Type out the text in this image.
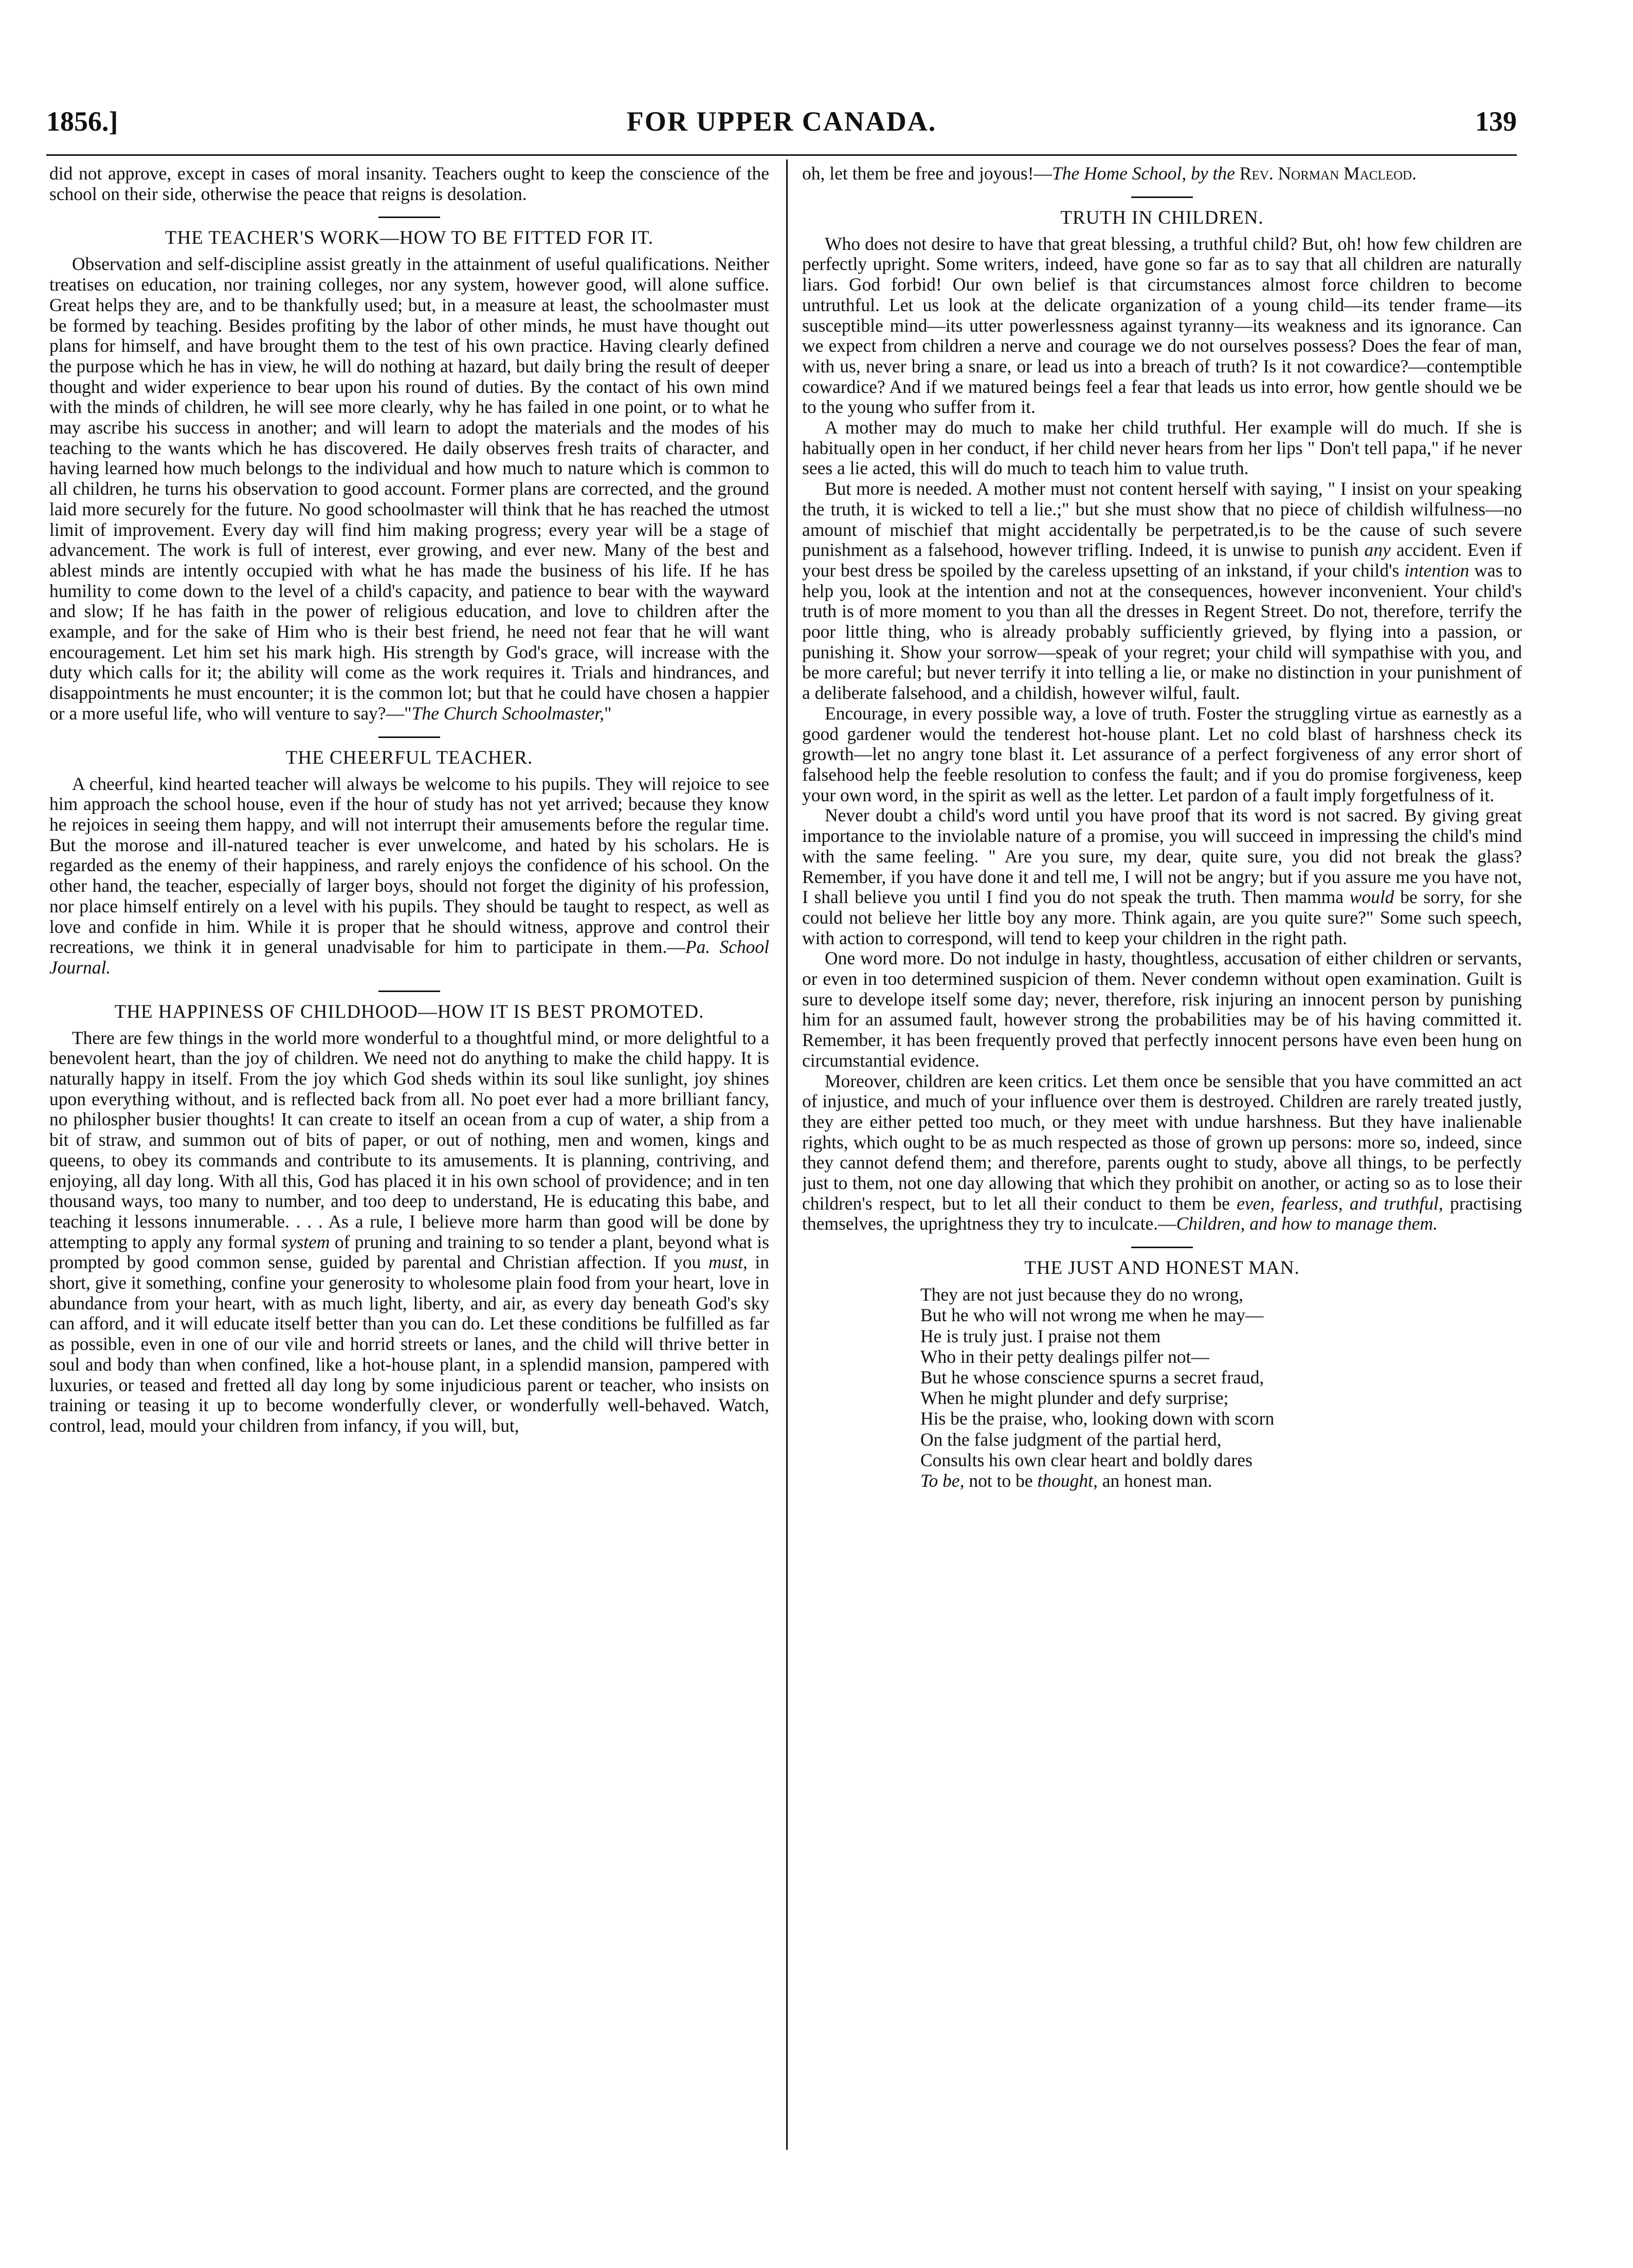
1856.]	FOR UPPER CANADA.	139

did not approve, except in cases of moral insanity. Teachers ought to keep the conscience of the school on their side, otherwise the peace that reigns is desolation.

THE TEACHER'S WORK—HOW TO BE FITTED FOR IT.

Observation and self-discipline assist greatly in the attainment of useful qualifications. Neither treatises on education, nor training colleges, nor any system, however good, will alone suffice. Great helps they are, and to be thankfully used; but, in a measure at least, the schoolmaster must be formed by teaching. Besides profiting by the labor of other minds, he must have thought out plans for himself, and have brought them to the test of his own practice. Having clearly defined the purpose which he has in view, he will do nothing at hazard, but daily bring the result of deeper thought and wider experience to bear upon his round of duties. By the contact of his own mind with the minds of children, he will see more clearly, why he has failed in one point, or to what he may ascribe his success in another; and will learn to adopt the materials and the modes of his teaching to the wants which he has discovered. He daily observes fresh traits of character, and having learned how much belongs to the individual and how much to nature which is common to all children, he turns his observation to good account. Former plans are corrected, and the ground laid more securely for the future. No good schoolmaster will think that he has reached the utmost limit of improvement. Every day will find him making progress; every year will be a stage of advancement. The work is full of interest, ever growing, and ever new. Many of the best and ablest minds are intently occupied with what he has made the business of his life. If he has humility to come down to the level of a child's capacity, and patience to bear with the wayward and slow; If he has faith in the power of religious education, and love to children after the example, and for the sake of Him who is their best friend, he need not fear that he will want encouragement. Let him set his mark high. His strength by God's grace, will increase with the duty which calls for it; the ability will come as the work requires it. Trials and hindrances, and disappointments he must encounter; it is the common lot; but that he could have chosen a happier or a more useful life, who will venture to say?—"The Church Schoolmaster,"

THE CHEERFUL TEACHER.

A cheerful, kind hearted teacher will always be welcome to his pupils. They will rejoice to see him approach the school house, even if the hour of study has not yet arrived; because they know he rejoices in seeing them happy, and will not interrupt their amusements before the regular time. But the morose and ill-natured teacher is ever unwelcome, and hated by his scholars. He is regarded as the enemy of their happiness, and rarely enjoys the confidence of his school. On the other hand, the teacher, especially of larger boys, should not forget the diginity of his profession, nor place himself entirely on a level with his pupils. They should be taught to respect, as well as love and confide in him. While it is proper that he should witness, approve and control their recreations, we think it in general unadvisable for him to participate in them.—Pa. School Journal.

THE HAPPINESS OF CHILDHOOD—HOW IT IS BEST PROMOTED.

There are few things in the world more wonderful to a thoughtful mind, or more delightful to a benevolent heart, than the joy of children. We need not do anything to make the child happy. It is naturally happy in itself. From the joy which God sheds within its soul like sunlight, joy shines upon everything without, and is reflected back from all. No poet ever had a more brilliant fancy, no philospher busier thoughts! It can create to itself an ocean from a cup of water, a ship from a bit of straw, and summon out of bits of paper, or out of nothing, men and women, kings and queens, to obey its commands and contribute to its amusements. It is planning, contriving, and enjoying, all day long. With all this, God has placed it in his own school of providence; and in ten thousand ways, too many to number, and too deep to understand, He is educating this babe, and teaching it lessons innumerable. . . . As a rule, I believe more harm than good will be done by attempting to apply any formal system of pruning and training to so tender a plant, beyond what is prompted by good common sense, guided by parental and Christian affection. If you must, in short, give it something, confine your generosity to wholesome plain food from your heart, love in abundance from your heart, with as much light, liberty, and air, as every day beneath God's sky can afford, and it will educate itself better than you can do. Let these conditions be fulfilled as far as possible, even in one of our vile and horrid streets or lanes, and the child will thrive better in soul and body than when confined, like a hot-house plant, in a splendid mansion, pampered with luxuries, or teased and fretted all day long by some injudicious parent or teacher, who insists on training or teasing it up to become wonderfully clever, or wonderfully well-behaved. Watch, control, lead, mould your children from infancy, if you will, but,

oh, let them be free and joyous!—The Home School, by the Rev. Norman Macleod.

TRUTH IN CHILDREN.

Who does not desire to have that great blessing, a truthful child? But, oh! how few children are perfectly upright. Some writers, indeed, have gone so far as to say that all children are naturally liars. God forbid! Our own belief is that circumstances almost force children to become untruthful. Let us look at the delicate organization of a young child—its tender frame—its susceptible mind—its utter powerlessness against tyranny—its weakness and its ignorance. Can we expect from children a nerve and courage we do not ourselves possess? Does the fear of man, with us, never bring a snare, or lead us into a breach of truth? Is it not cowardice?—contemptible cowardice? And if we matured beings feel a fear that leads us into error, how gentle should we be to the young who suffer from it.

A mother may do much to make her child truthful. Her example will do much. If she is habitually open in her conduct, if her child never hears from her lips " Don't tell papa," if he never sees a lie acted, this will do much to teach him to value truth.

But more is needed. A mother must not content herself with saying, " I insist on your speaking the truth, it is wicked to tell a lie.;" but she must show that no piece of childish wilfulness—no amount of mischief that might accidentally be perpetrated,is to be the cause of such severe punishment as a falsehood, however trifling. Indeed, it is unwise to punish any accident. Even if your best dress be spoiled by the careless upsetting of an inkstand, if your child's intention was to help you, look at the intention and not at the consequences, however inconvenient. Your child's truth is of more moment to you than all the dresses in Regent Street. Do not, therefore, terrify the poor little thing, who is already probably sufficiently grieved, by flying into a passion, or punishing it. Show your sorrow—speak of your regret; your child will sympathise with you, and be more careful; but never terrify it into telling a lie, or make no distinction in your punishment of a deliberate falsehood, and a childish, however wilful, fault.

Encourage, in every possible way, a love of truth. Foster the struggling virtue as earnestly as a good gardener would the tenderest hot-house plant. Let no cold blast of harshness check its growth—let no angry tone blast it. Let assurance of a perfect forgiveness of any error short of falsehood help the feeble resolution to confess the fault; and if you do promise forgiveness, keep your own word, in the spirit as well as the letter. Let pardon of a fault imply forgetfulness of it.

Never doubt a child's word until you have proof that its word is not sacred. By giving great importance to the inviolable nature of a promise, you will succeed in impressing the child's mind with the same feeling. " Are you sure, my dear, quite sure, you did not break the glass? Remember, if you have done it and tell me, I will not be angry; but if you assure me you have not, I shall believe you until I find you do not speak the truth. Then mamma would be sorry, for she could not believe her little boy any more. Think again, are you quite sure?" Some such speech, with action to correspond, will tend to keep your children in the right path.

One word more. Do not indulge in hasty, thoughtless, accusation of either children or servants, or even in too determined suspicion of them. Never condemn without open examination. Guilt is sure to develope itself some day; never, therefore, risk injuring an innocent person by punishing him for an assumed fault, however strong the probabilities may be of his having committed it. Remember, it has been frequently proved that perfectly innocent persons have even been hung on circumstantial evidence.

Moreover, children are keen critics. Let them once be sensible that you have committed an act of injustice, and much of your influence over them is destroyed. Children are rarely treated justly, they are either petted too much, or they meet with undue harshness. But they have inalienable rights, which ought to be as much respected as those of grown up persons: more so, indeed, since they cannot defend them; and therefore, parents ought to study, above all things, to be perfectly just to them, not one day allowing that which they prohibit on another, or acting so as to lose their children's respect, but to let all their conduct to them be even, fearless, and truthful, practising themselves, the uprightness they try to inculcate.—Children, and how to manage them.

THE JUST AND HONEST MAN.
They are not just because they do no wrong,
But he who will not wrong me when he may—
He is truly just. I praise not them
Who in their petty dealings pilfer not—
But he whose conscience spurns a secret fraud,
When he might plunder and defy surprise;
His be the praise, who, looking down with scorn
On the false judgment of the partial herd,
Consults his own clear heart and boldly dares
To be, not to be thought, an honest man.
